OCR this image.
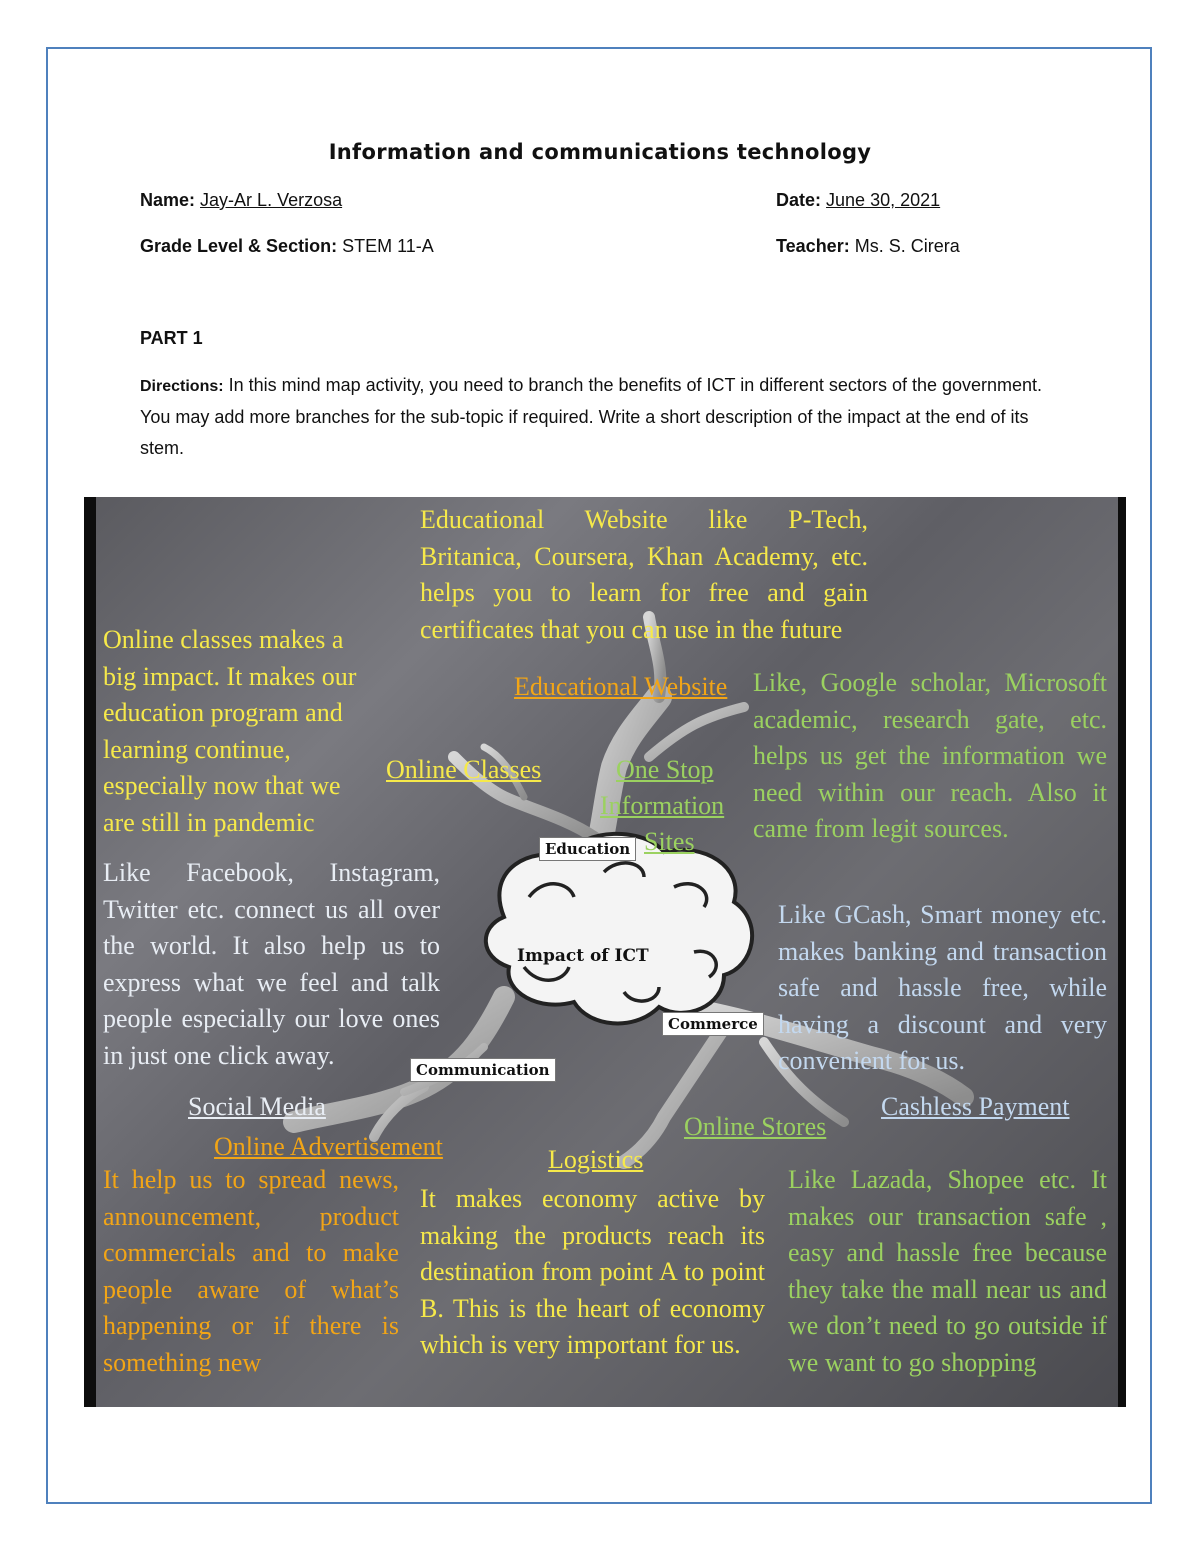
Information and communications technology
Name: Jay-Ar L. Verzosa	Date: June 30, 2021
Grade Level & Section: STEM 11-A	Teacher: Ms. S. Cirera
PART 1
Directions: In this mind map activity, you need to branch the benefits of ICT in different sectors of the government. You may add more branches for the sub-topic if required. Write a short description of the impact at the end of its stem.
Educational Website like P-Tech, Britanica, Coursera, Khan Academy, etc. helps you to learn for free and gain certificates that you can use in the future
Online classes makes a big impact. It makes our education program and learning continue, especially now that we are still in pandemic
Like, Google scholar, Microsoft academic, research gate, etc. helps us get the information we need within our reach. Also it came from legit sources.
Like Facebook, Instagram, Twitter etc. connect us all over the world. It also help us to express what we feel and talk people especially our love ones in just one click away.
Like GCash, Smart money etc. makes banking and transaction safe and hassle free, while having a discount and very convenient for us.
It help us to spread news, announcement, product commercials and to make people aware of what’s happening or if there is something new
It makes economy active by making the products reach its destination from point A to point B. This is the heart of economy which is very important for us.
Like Lazada, Shopee etc. It makes our transaction safe , easy and hassle free because they take the mall near us and we don’t need to go outside if we want to go shopping
Educational Website
Online Classes	One Stop
Information
Sites
Social Media
Online Advertisement	Logistics
Online Stores
Cashless Payment
Impact of ICT
Education
Commerce
Communication
